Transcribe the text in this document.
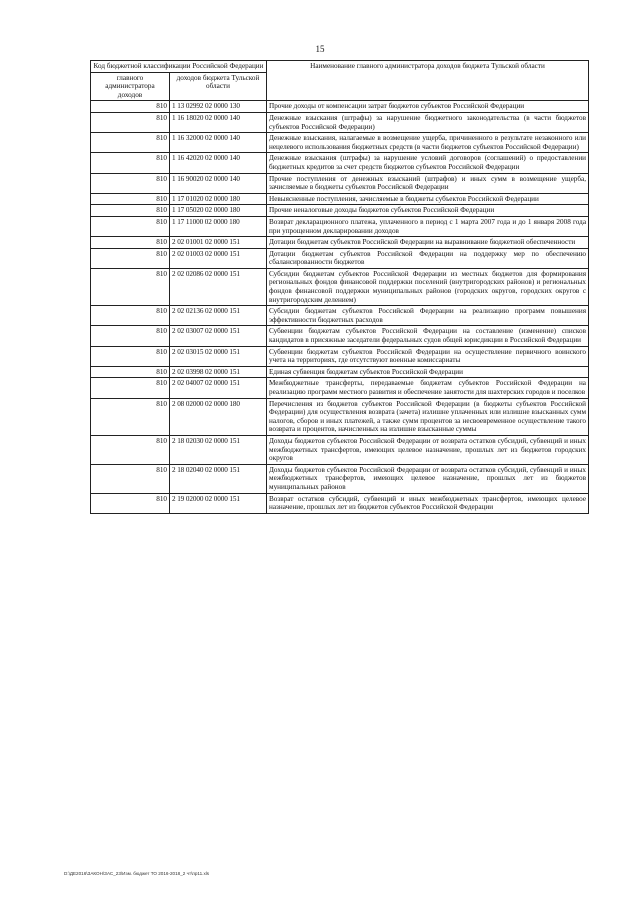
15
Код бюджетной классификации Российской Федерации		Наименование главного администратора доходов бюджета Тульской области
главного администратора доходов	доходов бюджета Тульской области	
810	1 13 02992 02 0000 130	Прочие доходы от компенсации затрат бюджетов субъектов Российской Федерации
810	1 16 18020 02 0000 140	Денежные взыскания (штрафы) за нарушение бюджетного законодательства (в части бюджетов субъектов Российской Федерации)
810	1 16 32000 02 0000 140	Денежные взыскания, налагаемые в возмещение ущерба, причиненного в результате незаконного или нецелевого использования бюджетных средств (в части бюджетов субъектов Российской Федерации)
810	1 16 42020 02 0000 140	Денежные взыскания (штрафы) за нарушение условий договоров (соглашений) о предоставлении бюджетных кредитов за счет средств бюджетов субъектов Российской Федерации
810	1 16 90020 02 0000 140	Прочие поступления от денежных взысканий (штрафов) и иных сумм в возмещение ущерба, зачисляемые в бюджеты субъектов Российской Федерации
810	1 17 01020 02 0000 180	Невыясненные поступления, зачисляемые в бюджеты субъектов Российской Федерации
810	1 17 05020 02 0000 180	Прочие неналоговые доходы бюджетов субъектов Российской Федерации
810	1 17 11000 02 0000 180	Возврат декларационного платежа, уплаченного в период с 1 марта 2007 года и до 1 января 2008 года при упрощенном декларировании доходов
810	2 02 01001 02 0000 151	Дотации бюджетам субъектов Российской Федерации на выравнивание бюджетной обеспеченности
810	2 02 01003 02 0000 151	Дотации бюджетам субъектов Российской Федерации на поддержку мер по обеспечению сбалансированности бюджетов
810	2 02 02086 02 0000 151	Субсидии бюджетам субъектов Российской Федерации из местных бюджетов для формирования региональных фондов финансовой поддержки поселений (внутригородских районов) и региональных фондов финансовой поддержки муниципальных районов (городских округов, городских округов с внутригородским делением)
810	2 02 02136 02 0000 151	Субсидии бюджетам субъектов Российской Федерации на реализацию программ повышения эффективности бюджетных расходов
810	2 02 03007 02 0000 151	Субвенции бюджетам субъектов Российской Федерации на составление (изменение) списков кандидатов в присяжные заседатели федеральных судов общей юрисдикции в Российской Федерации
810	2 02 03015 02 0000 151	Субвенции бюджетам субъектов Российской Федерации на осуществление первичного воинского учета на территориях, где отсутствуют военные комиссариаты
810	2 02 03998 02 0000 151	Единая субвенция бюджетам субъектов Российской Федерации
810	2 02 04007 02 0000 151	Межбюджетные трансферты, передаваемые бюджетам субъектов Российской Федерации на реализацию программ местного развития и обеспечение занятости для шахтерских городов и поселков
810	2 08 02000 02 0000 180	Перечисления из бюджетов субъектов Российской Федерации (в бюджеты субъектов Российской Федерации) для осуществления возврата (зачета) излишне уплаченных или излишне взысканных сумм налогов, сборов и иных платежей, а также сумм процентов за несвоевременное осуществление такого возврата и процентов, начисленных на излишне взысканные суммы
810	2 18 02030 02 0000 151	Доходы бюджетов субъектов Российской Федерации от возврата остатков субсидий, субвенций и иных межбюджетных трансфертов, имеющих целевое назначение, прошлых лет из бюджетов городских округов
810	2 18 02040 02 0000 151	Доходы бюджетов субъектов Российской Федерации от возврата остатков субсидий, субвенций и иных межбюджетных трансфертов, имеющих целевое назначение, прошлых лет из бюджетов муниципальных районов
810	2 19 02000 02 0000 151	Возврат остатков субсидий, субвенций и иных межбюджетных трансфертов, имеющих целевое назначение, прошлых лет из бюджетов субъектов Российской Федерации
D:\ДЕ2016\ЗАКОН\ЗАС_23\Изм. бюджет ТО 2016-2018_2 чт\пр11.xls
